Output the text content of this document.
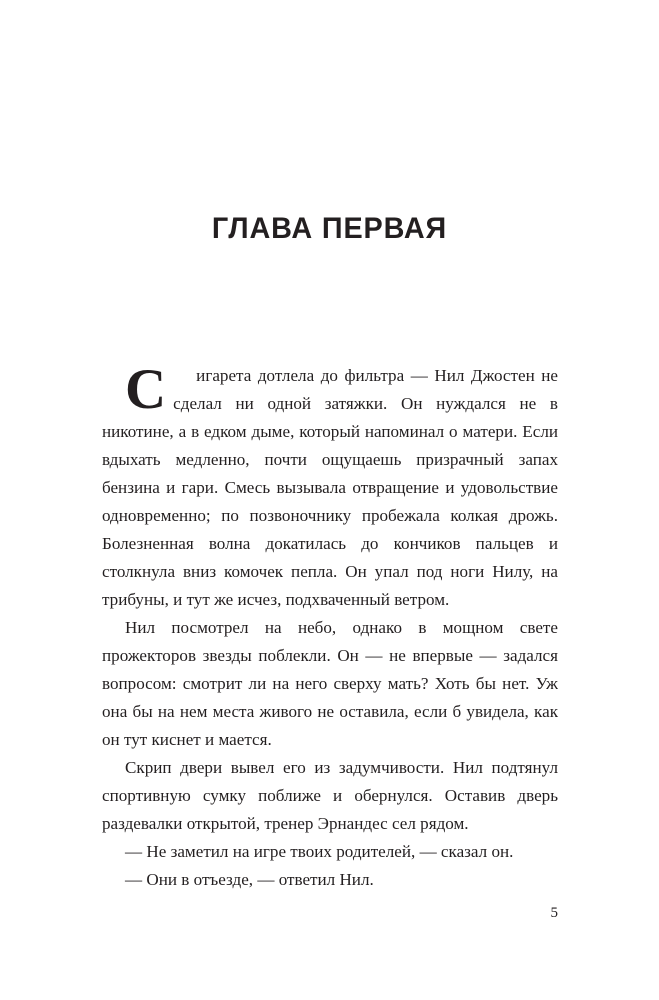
ГЛАВА ПЕРВАЯ

С	игарета дотлела до фильтра — Нил Джостен не сделал ни одной затяжки. Он нуждался не в никотине, а в едком дыме, который напоминал о матери. Если вдыхать медленно, почти ощущаешь призрачный запах бензина и гари. Смесь вызывала отвращение и удовольствие одновременно; по позвоночнику пробежала колкая дрожь. Болезненная волна докатилась до кончиков пальцев и столкнула вниз комочек пепла. Он упал под ноги Нилу, на трибуны, и тут же исчез, подхваченный ветром.

Нил посмотрел на небо, однако в мощном свете прожекторов звезды поблекли. Он — не впервые — задался вопросом: смотрит ли на него сверху мать? Хоть бы нет. Уж она бы на нем места живого не оставила, если б увидела, как он тут киснет и мается.

Скрип двери вывел его из задумчивости. Нил подтянул спортивную сумку поближе и обернулся. Оставив дверь раздевалки открытой, тренер Эрнандес сел рядом.

— Не заметил на игре твоих родителей, — сказал он.

— Они в отъезде, — ответил Нил.

5
